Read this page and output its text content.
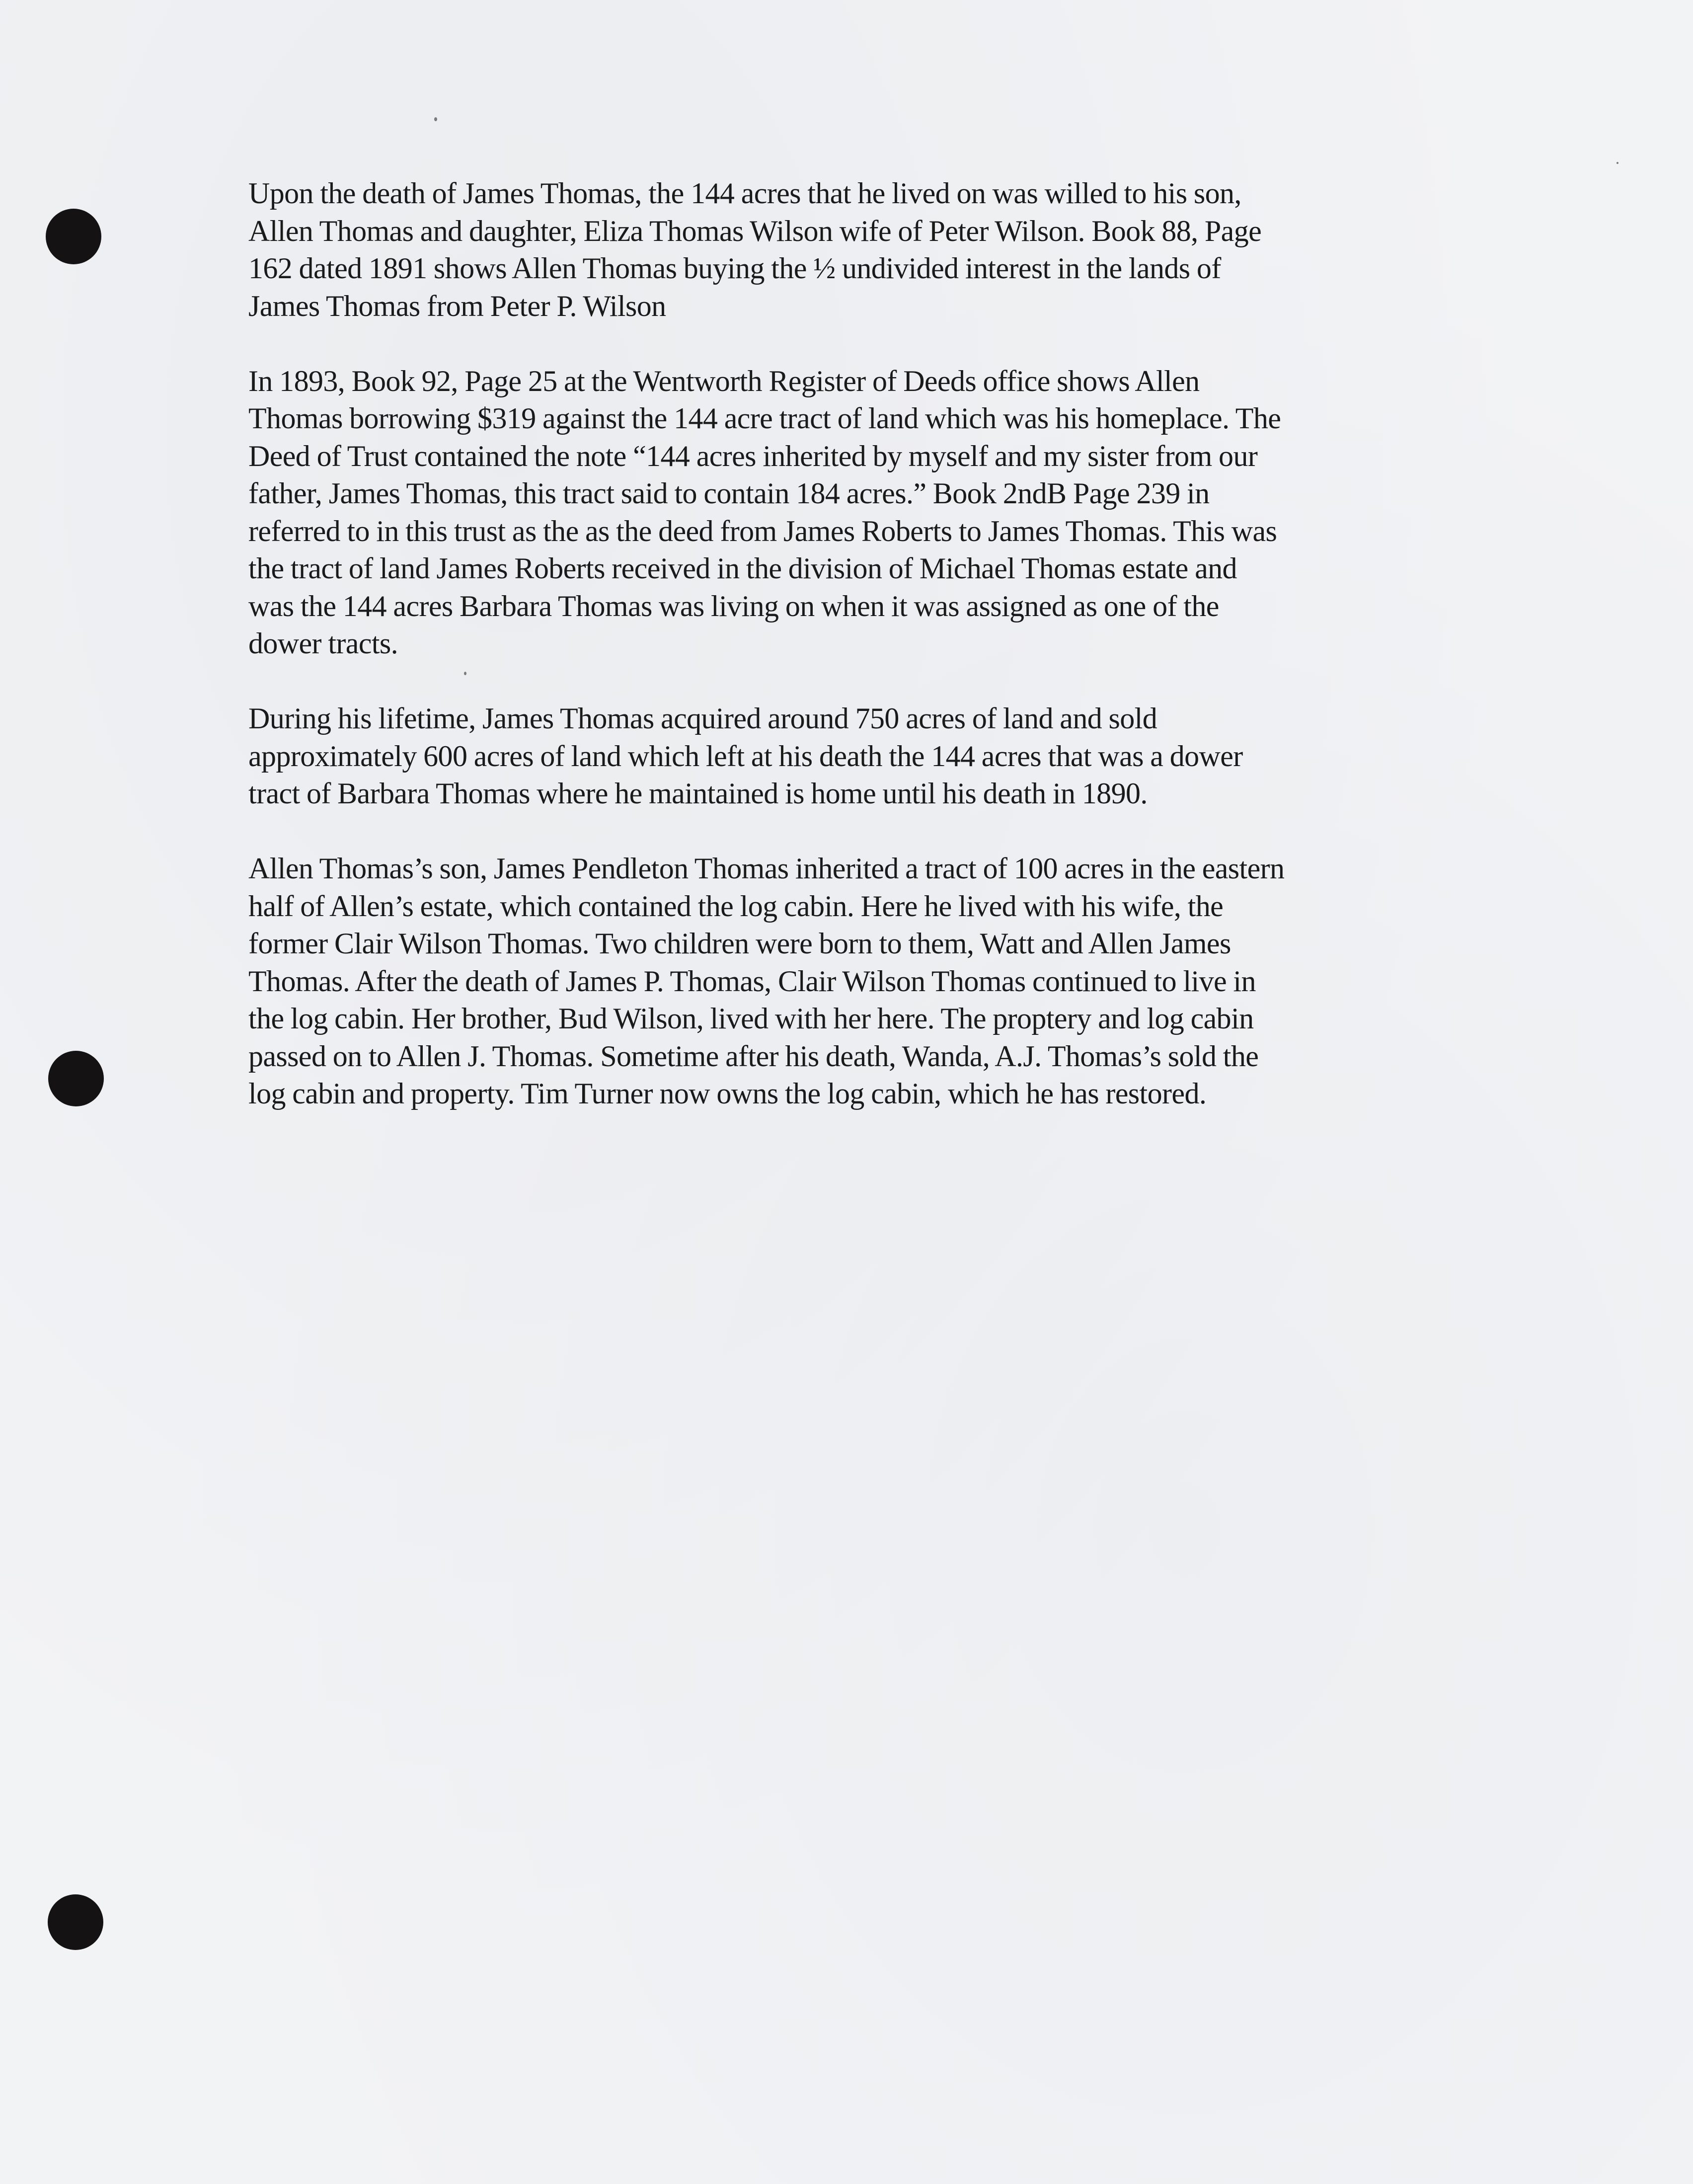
Upon the death of James Thomas, the 144 acres that he lived on was willed to his son,
Allen Thomas and daughter, Eliza Thomas Wilson wife of Peter Wilson. Book 88, Page
162 dated 1891 shows Allen Thomas buying the ½ undivided interest in the lands of
James Thomas from Peter P. Wilson

In 1893, Book 92, Page 25 at the Wentworth Register of Deeds office shows Allen
Thomas borrowing $319 against the 144 acre tract of land which was his homeplace. The
Deed of Trust contained the note “144 acres inherited by myself and my sister from our
father, James Thomas, this tract said to contain 184 acres.” Book 2ndB Page 239 in
referred to in this trust as the as the deed from James Roberts to James Thomas. This was
the tract of land James Roberts received in the division of Michael Thomas estate and
was the 144 acres Barbara Thomas was living on when it was assigned as one of the
dower tracts.

During his lifetime, James Thomas acquired around 750 acres of land and sold
approximately 600 acres of land which left at his death the 144 acres that was a dower
tract of Barbara Thomas where he maintained is home until his death in 1890.

Allen Thomas’s son, James Pendleton Thomas inherited a tract of 100 acres in the eastern
half of Allen’s estate, which contained the log cabin. Here he lived with his wife, the
former Clair Wilson Thomas. Two children were born to them, Watt and Allen James
Thomas. After the death of James P. Thomas, Clair Wilson Thomas continued to live in
the log cabin. Her brother, Bud Wilson, lived with her here. The proptery and log cabin
passed on to Allen J. Thomas. Sometime after his death, Wanda, A.J. Thomas’s sold the
log cabin and property. Tim Turner now owns the log cabin, which he has restored.
